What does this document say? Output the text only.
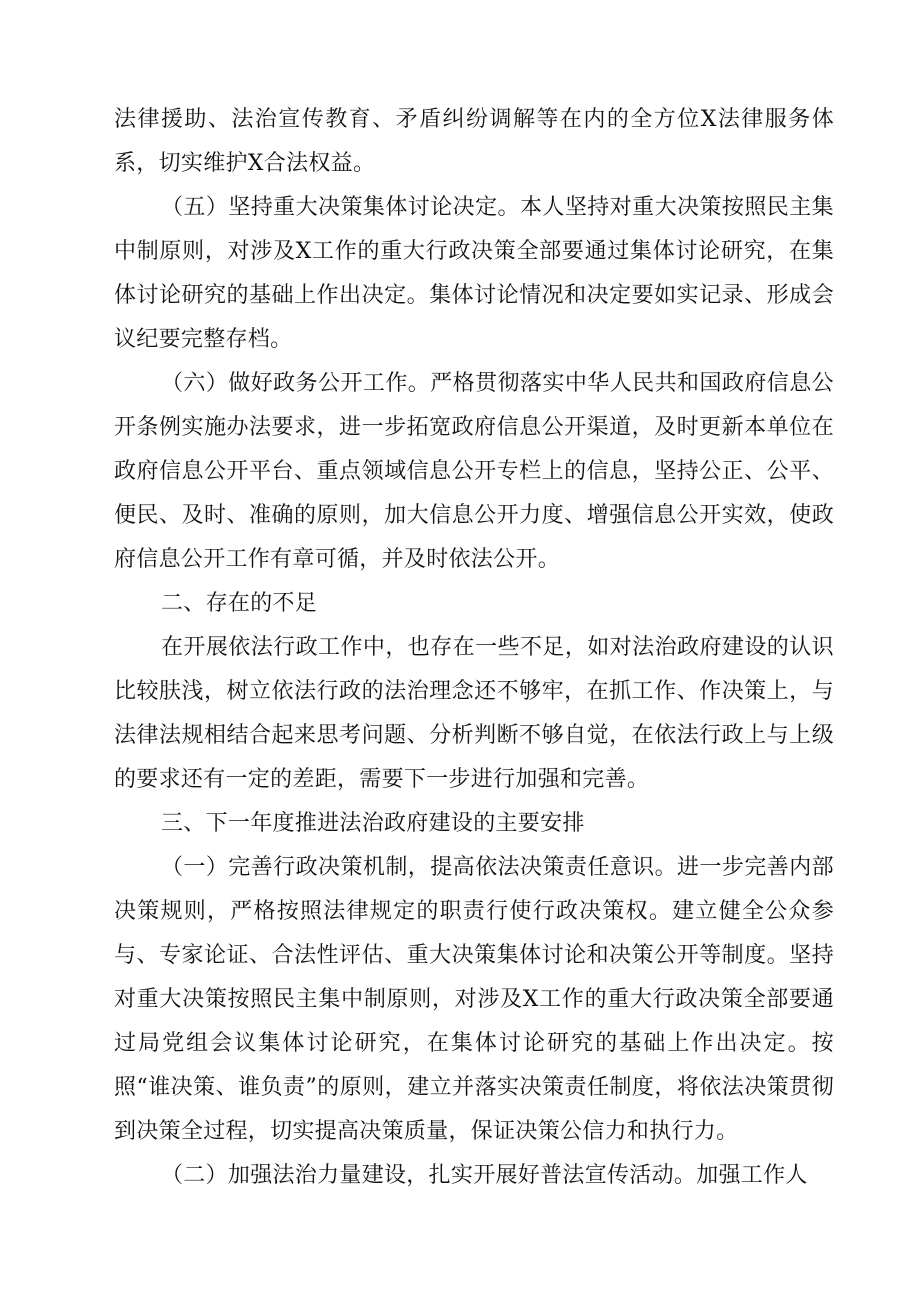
法律援助、法治宣传教育、矛盾纠纷调解等在内的全方位X法律服务体系，切实维护X合法权益。

（五）坚持重大决策集体讨论决定。本人坚持对重大决策按照民主集中制原则，对涉及X工作的重大行政决策全部要通过集体讨论研究，在集体讨论研究的基础上作出决定。集体讨论情况和决定要如实记录、形成会议纪要完整存档。

（六）做好政务公开工作。严格贯彻落实中华人民共和国政府信息公开条例实施办法要求，进一步拓宽政府信息公开渠道，及时更新本单位在政府信息公开平台、重点领域信息公开专栏上的信息，坚持公正、公平、便民、及时、准确的原则，加大信息公开力度、增强信息公开实效，使政府信息公开工作有章可循，并及时依法公开。

二、存在的不足

在开展依法行政工作中，也存在一些不足，如对法治政府建设的认识比较肤浅，树立依法行政的法治理念还不够牢，在抓工作、作决策上，与法律法规相结合起来思考问题、分析判断不够自觉，在依法行政上与上级的要求还有一定的差距，需要下一步进行加强和完善。

三、下一年度推进法治政府建设的主要安排

（一）完善行政决策机制，提高依法决策责任意识。进一步完善内部决策规则，严格按照法律规定的职责行使行政决策权。建立健全公众参与、专家论证、合法性评估、重大决策集体讨论和决策公开等制度。坚持对重大决策按照民主集中制原则，对涉及X工作的重大行政决策全部要通过局党组会议集体讨论研究，在集体讨论研究的基础上作出决定。按照“谁决策、谁负责”的原则，建立并落实决策责任制度，将依法决策贯彻到决策全过程，切实提高决策质量，保证决策公信力和执行力。

（二）加强法治力量建设，扎实开展好普法宣传活动。加强工作人
